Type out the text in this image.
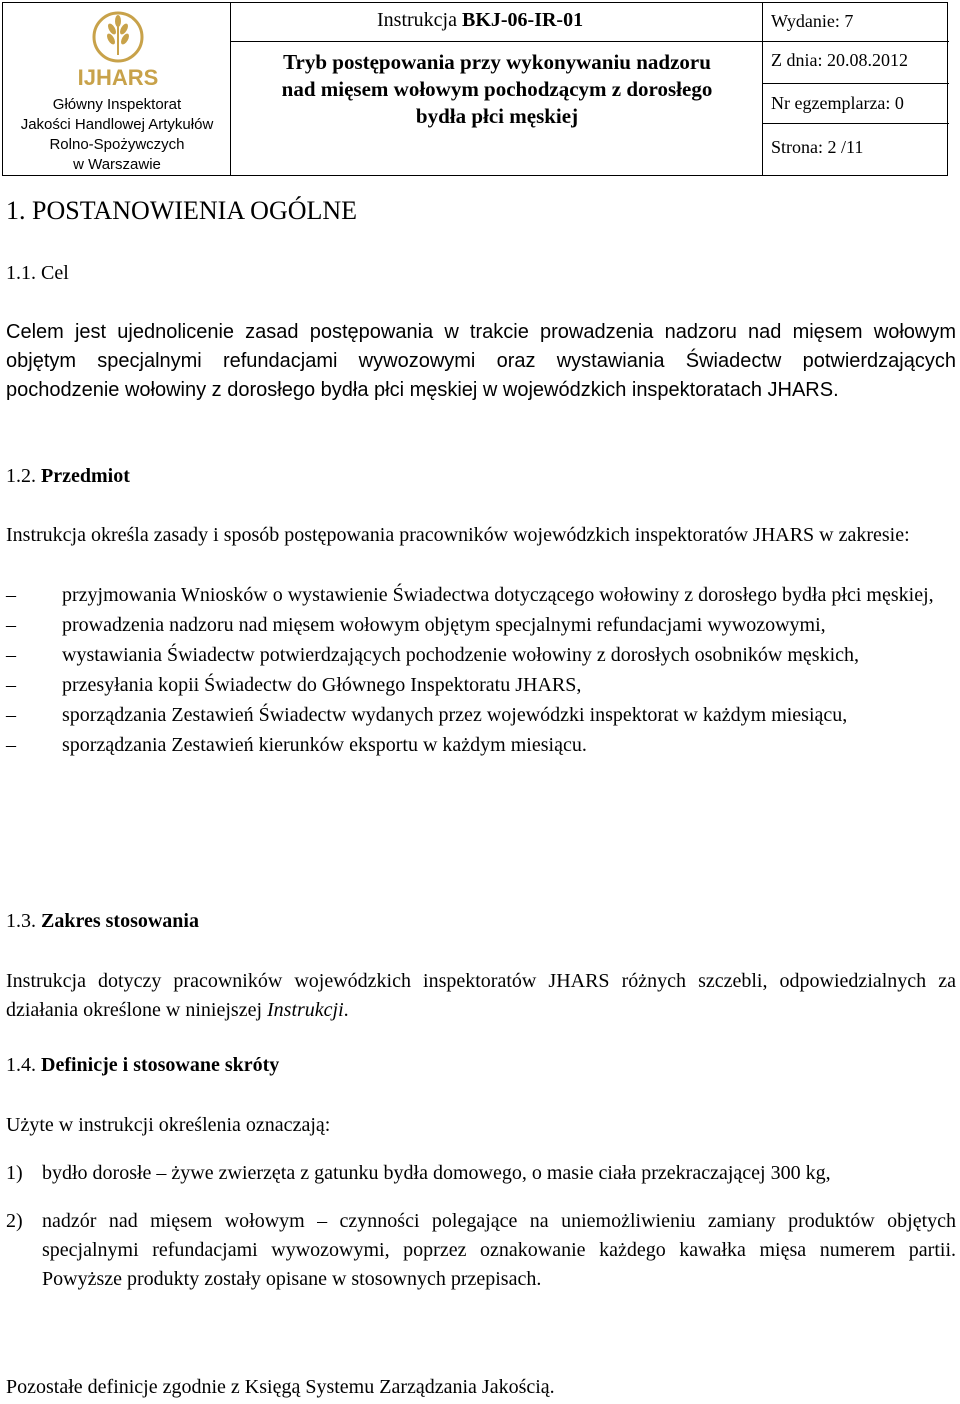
IJHARS
Główny Inspektorat
Jakości Handlowej Artykułów
Rolno-Spożywczych
w Warszawie
Instrukcja BKJ-06-IR-01
Tryb postępowania przy wykonywaniu nadzoru
nad mięsem wołowym pochodzącym z dorosłego
bydła płci męskiej
Wydanie: 7
Z dnia: 20.08.2012
Nr egzemplarza: 0
Strona: 2 /11
1. POSTANOWIENIA OGÓLNE
1.1. Cel
Celem jest ujednolicenie zasad postępowania w trakcie prowadzenia nadzoru nad mięsem wołowym objętym specjalnymi refundacjami wywozowymi oraz wystawiania Świadectw potwierdzających pochodzenie wołowiny z dorosłego bydła płci męskiej w wojewódzkich inspektoratach JHARS.
1.2. Przedmiot
Instrukcja określa zasady i sposób postępowania pracowników wojewódzkich inspektoratów JHARS w zakresie:
– przyjmowania Wniosków o wystawienie Świadectwa dotyczącego wołowiny z dorosłego bydła płci męskiej,
– prowadzenia nadzoru nad mięsem wołowym objętym specjalnymi refundacjami wywozowymi,
– wystawiania Świadectw potwierdzających pochodzenie wołowiny z dorosłych osobników męskich,
– przesyłania kopii Świadectw do Głównego Inspektoratu JHARS,
– sporządzania Zestawień Świadectw wydanych przez wojewódzki inspektorat w każdym miesiącu,
– sporządzania Zestawień kierunków eksportu w każdym miesiącu.
1.3. Zakres stosowania
Instrukcja dotyczy pracowników wojewódzkich inspektoratów JHARS różnych szczebli, odpowiedzialnych za działania określone w niniejszej Instrukcji.
1.4. Definicje i stosowane skróty
Użyte w instrukcji określenia oznaczają:
1) bydło dorosłe – żywe zwierzęta z gatunku bydła domowego, o masie ciała przekraczającej 300 kg,
2) nadzór nad mięsem wołowym – czynności polegające na uniemożliwieniu zamiany produktów objętych specjalnymi refundacjami wywozowymi, poprzez oznakowanie każdego kawałka mięsa numerem partii. Powyższe produkty zostały opisane w stosownych przepisach.
Pozostałe definicje zgodnie z Księgą Systemu Zarządzania Jakością.
